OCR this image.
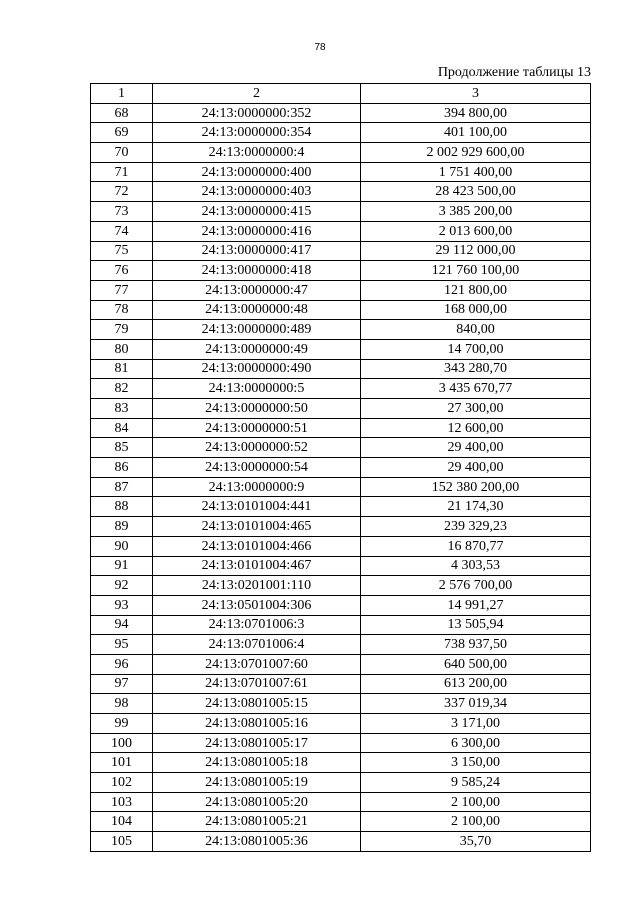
78
Продолжение таблицы 13
1	2	3
68	24:13:0000000:352	394 800,00
69	24:13:0000000:354	401 100,00
70	24:13:0000000:4	2 002 929 600,00
71	24:13:0000000:400	1 751 400,00
72	24:13:0000000:403	28 423 500,00
73	24:13:0000000:415	3 385 200,00
74	24:13:0000000:416	2 013 600,00
75	24:13:0000000:417	29 112 000,00
76	24:13:0000000:418	121 760 100,00
77	24:13:0000000:47	121 800,00
78	24:13:0000000:48	168 000,00
79	24:13:0000000:489	840,00
80	24:13:0000000:49	14 700,00
81	24:13:0000000:490	343 280,70
82	24:13:0000000:5	3 435 670,77
83	24:13:0000000:50	27 300,00
84	24:13:0000000:51	12 600,00
85	24:13:0000000:52	29 400,00
86	24:13:0000000:54	29 400,00
87	24:13:0000000:9	152 380 200,00
88	24:13:0101004:441	21 174,30
89	24:13:0101004:465	239 329,23
90	24:13:0101004:466	16 870,77
91	24:13:0101004:467	4 303,53
92	24:13:0201001:110	2 576 700,00
93	24:13:0501004:306	14 991,27
94	24:13:0701006:3	13 505,94
95	24:13:0701006:4	738 937,50
96	24:13:0701007:60	640 500,00
97	24:13:0701007:61	613 200,00
98	24:13:0801005:15	337 019,34
99	24:13:0801005:16	3 171,00
100	24:13:0801005:17	6 300,00
101	24:13:0801005:18	3 150,00
102	24:13:0801005:19	9 585,24
103	24:13:0801005:20	2 100,00
104	24:13:0801005:21	2 100,00
105	24:13:0801005:36	35,70
